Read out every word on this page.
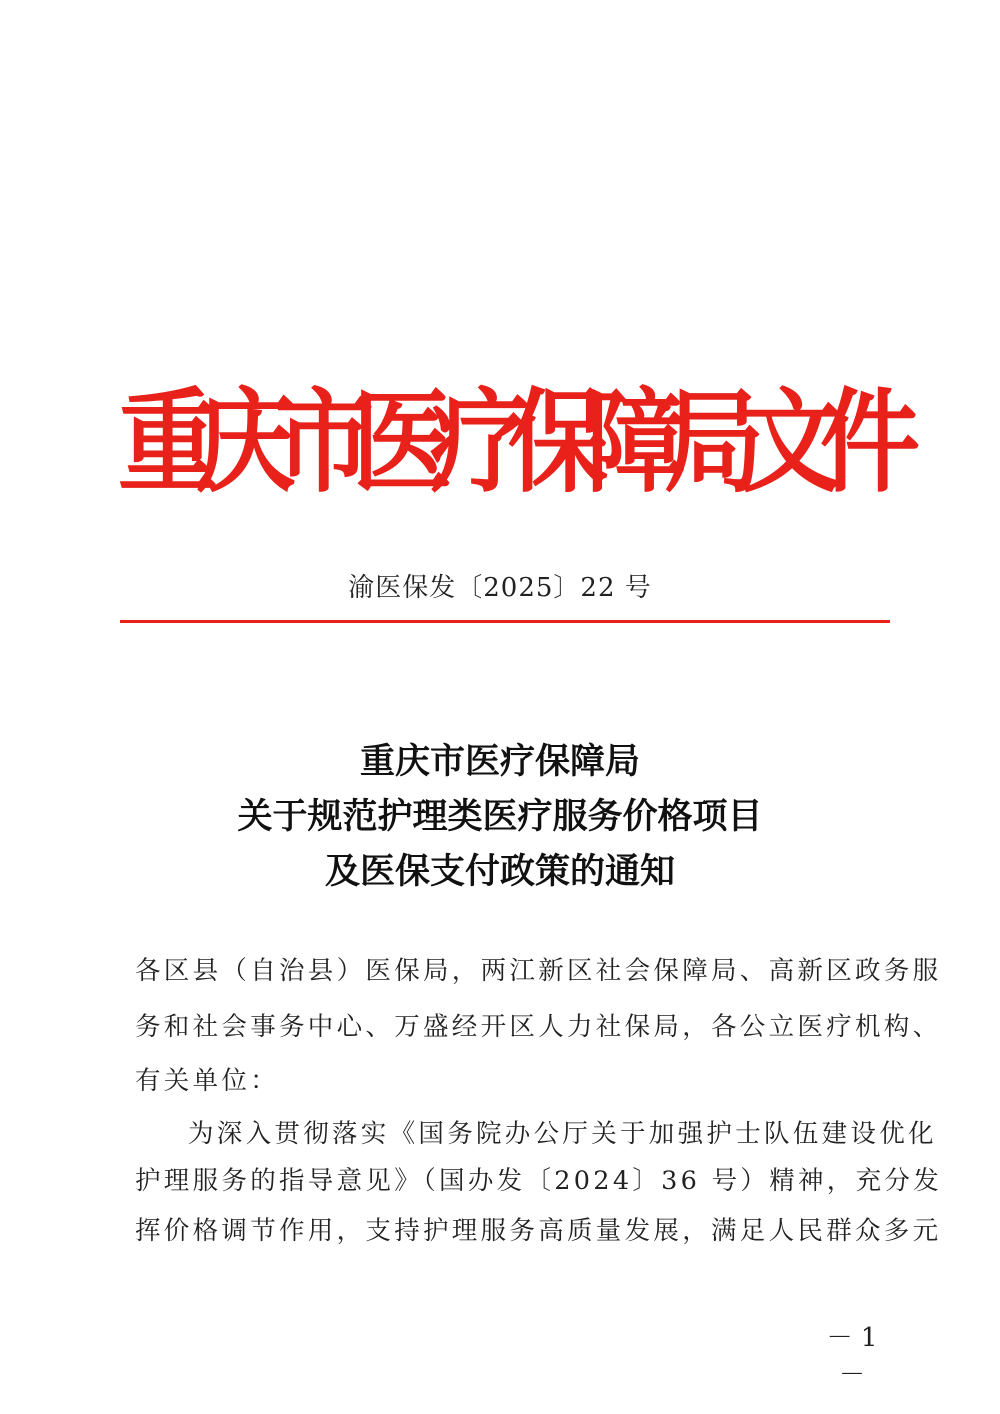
重
庆
市
医
疗
保
障
局
文
件
渝医保发〔2025〕22 号
重庆市医疗保障局
关于规范护理类医疗服务价格项目
及医保支付政策的通知
各区县（自治县）医保局，两江新区社会保障局、高新区政务服
务和社会事务中心、万盛经开区人力社保局，各公立医疗机构、
有关单位：
为深入贯彻落实《国务院办公厅关于加强护士队伍建设优化
护理服务的指导意见》（国办发〔2024〕36 号）精神，充分发
挥价格调节作用，支持护理服务高质量发展，满足人民群众多元
－ 1 －
